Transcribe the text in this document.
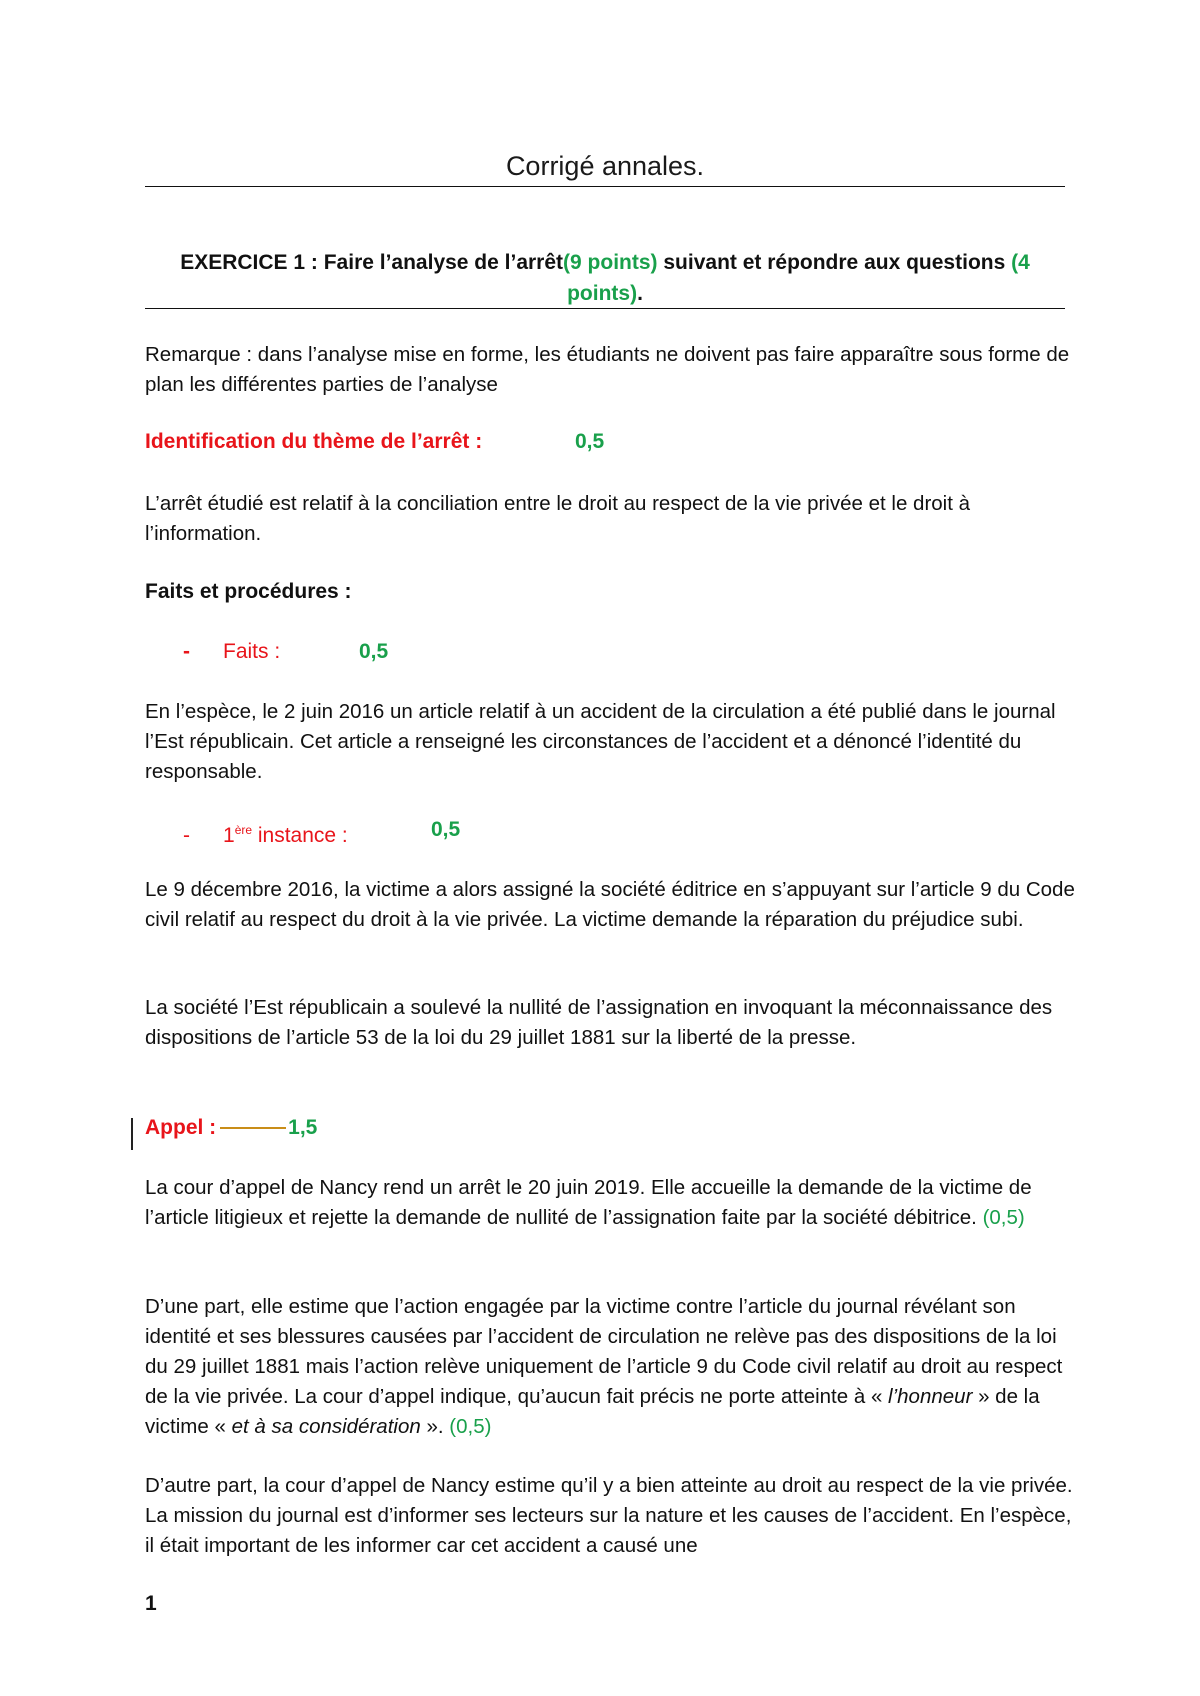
Corrigé annales.
EXERCICE 1 : Faire l’analyse de l’arrêt(9 points) suivant et répondre aux questions (4 points).
Remarque : dans l’analyse mise en forme, les étudiants ne doivent pas faire apparaître sous forme de plan les différentes parties de l’analyse
Identification du thème de l’arrêt :	0,5
L’arrêt étudié est relatif à la conciliation entre le droit au respect de la vie privée et le droit à l’information.
Faits et procédures :
- Faits :	0,5
En l’espèce, le 2 juin 2016 un article relatif à un accident de la circulation a été publié dans le journal l’Est républicain. Cet article a renseigné les circonstances de l’accident et a dénoncé l’identité du responsable.
- 1ère instance :	0,5
Le 9 décembre 2016, la victime a alors assigné la société éditrice en s’appuyant sur l’article 9 du Code civil relatif au respect du droit à la vie privée. La victime demande la réparation du préjudice subi.
La société l’Est républicain a soulevé la nullité de l’assignation en invoquant la méconnaissance des dispositions de l’article 53 de la loi du 29 juillet 1881 sur la liberté de la presse.
Appel :	1,5
La cour d’appel de Nancy rend un arrêt le 20 juin 2019. Elle accueille la demande de la victime de l’article litigieux et rejette la demande de nullité de l’assignation faite par la société débitrice. (0,5)
D’une part, elle estime que l’action engagée par la victime contre l’article du journal révélant son identité et ses blessures causées par l’accident de circulation ne relève pas des dispositions de la loi du 29 juillet 1881 mais l’action relève uniquement de l’article 9 du Code civil relatif au droit au respect de la vie privée. La cour d’appel indique, qu’aucun fait précis ne porte atteinte à « l’honneur » de la victime « et à sa considération ». (0,5)
D’autre part, la cour d’appel de Nancy estime qu’il y a bien atteinte au droit au respect de la vie privée. La mission du journal est d’informer ses lecteurs sur la nature et les causes de l’accident. En l’espèce, il était important de les informer car cet accident a causé une
1
